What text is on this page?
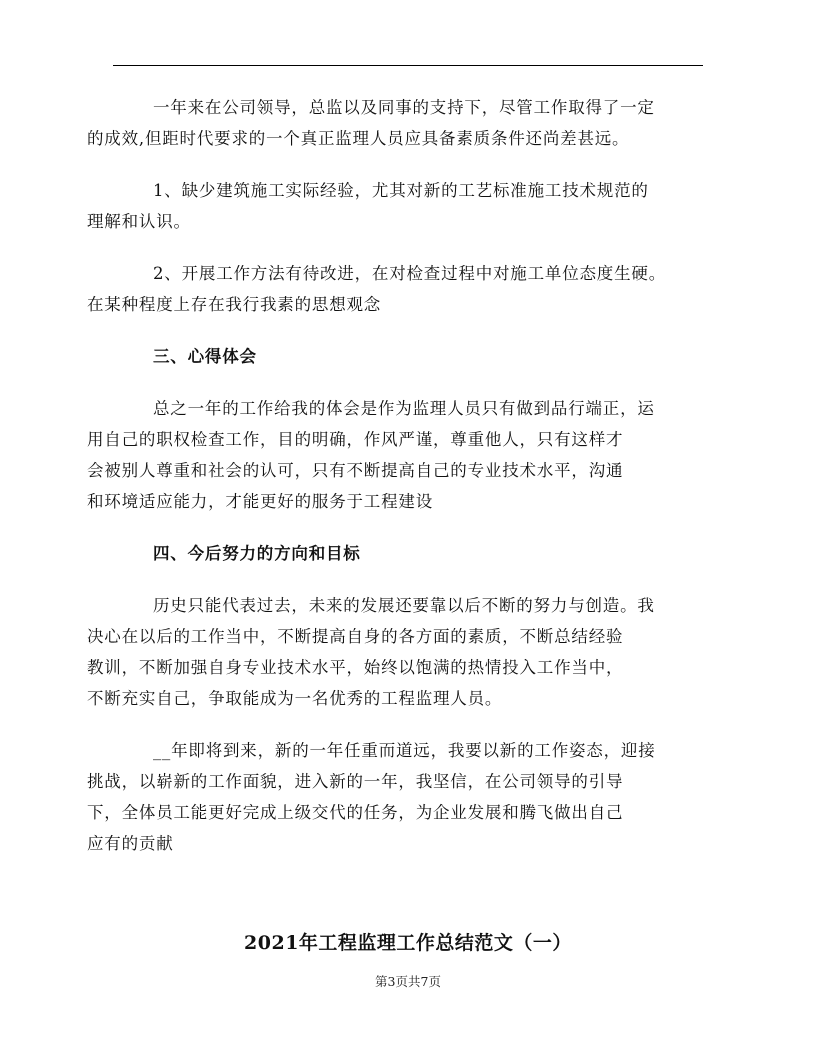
一年来在公司领导，总监以及同事的支持下，尽管工作取得了一定
的成效,但距时代要求的一个真正监理人员应具备素质条件还尚差甚远。
1、缺少建筑施工实际经验，尤其对新的工艺标准施工技术规范的
理解和认识。
2、开展工作方法有待改进，在对检查过程中对施工单位态度生硬。
在某种程度上存在我行我素的思想观念
三、心得体会
总之一年的工作给我的体会是作为监理人员只有做到品行端正，运
用自己的职权检查工作，目的明确，作风严谨，尊重他人，只有这样才
会被别人尊重和社会的认可，只有不断提高自己的专业技术水平，沟通
和环境适应能力，才能更好的服务于工程建设
四、今后努力的方向和目标
历史只能代表过去，未来的发展还要靠以后不断的努力与创造。我
决心在以后的工作当中，不断提高自身的各方面的素质，不断总结经验
教训，不断加强自身专业技术水平，始终以饱满的热情投入工作当中，
不断充实自己，争取能成为一名优秀的工程监理人员。
__年即将到来，新的一年任重而道远，我要以新的工作姿态，迎接
挑战，以崭新的工作面貌，进入新的一年，我坚信，在公司领导的引导
下，全体员工能更好完成上级交代的任务，为企业发展和腾飞做出自己
应有的贡献
2021年工程监理工作总结范文（一）
第3页共7页
